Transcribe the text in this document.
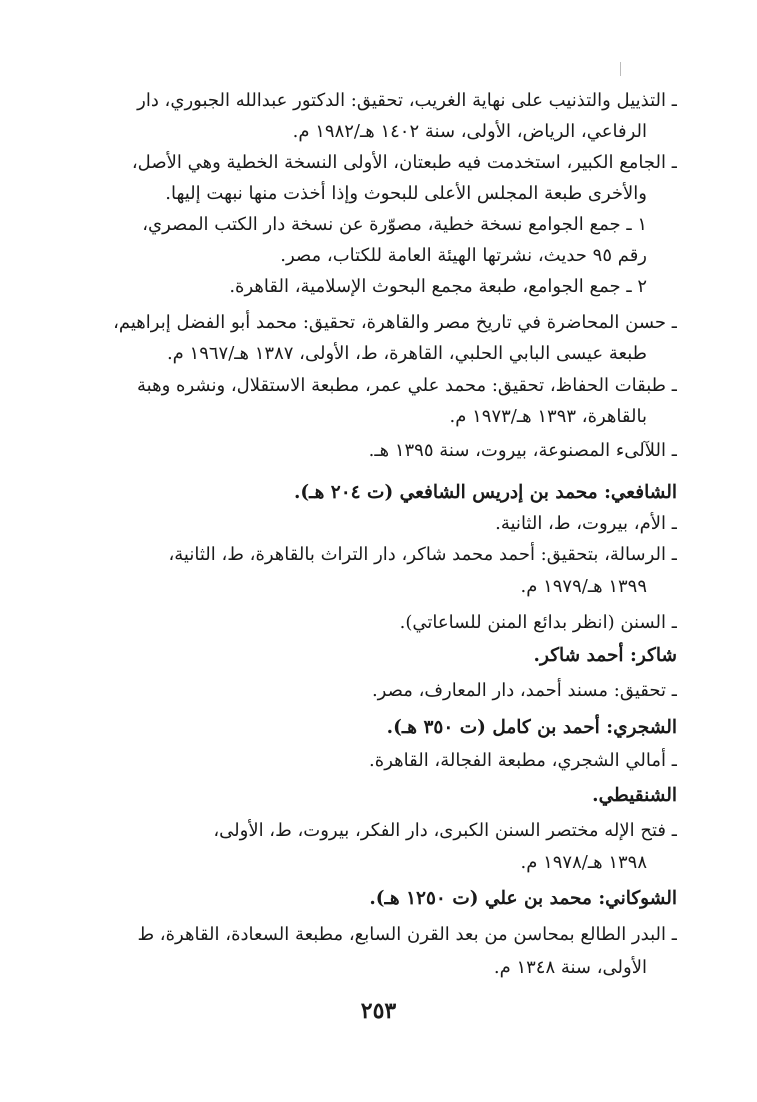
ـ التذييل والتذنيب على نهاية الغريب، تحقيق: الدكتور عبدالله الجبوري، دار
الرفاعي، الرياض، الأولى، سنة ١٤٠٢ هـ/١٩٨٢ م.
ـ الجامع الكبير، استخدمت فيه طبعتان، الأولى النسخة الخطية وهي الأصل،
والأخرى طبعة المجلس الأعلى للبحوث وإذا أخذت منها نبهت إليها.
١ ـ جمع الجوامع نسخة خطية، مصوّرة عن نسخة دار الكتب المصري،
رقم ٩٥ حديث، نشرتها الهيئة العامة للكتاب، مصر.
٢ ـ جمع الجوامع، طبعة مجمع البحوث الإسلامية، القاهرة.
ـ حسن المحاضرة في تاريخ مصر والقاهرة، تحقيق: محمد أبو الفضل إبراهيم،
طبعة عيسى البابي الحلبي، القاهرة، ط، الأولى، ١٣٨٧ هـ/١٩٦٧ م.
ـ طبقات الحفاظ، تحقيق: محمد علي عمر، مطبعة الاستقلال، ونشره وهبة
بالقاهرة، ١٣٩٣ هـ/١٩٧٣ م.
ـ اللآلىء المصنوعة، بيروت، سنة ١٣٩٥ هـ.
الشافعي: محمد بن إدريس الشافعي (ت ٢٠٤ هـ).
ـ الأم، بيروت، ط، الثانية.
ـ الرسالة، بتحقيق: أحمد محمد شاكر، دار التراث بالقاهرة، ط، الثانية،
١٣٩٩ هـ/١٩٧٩ م.
ـ السنن (انظر بدائع المنن للساعاتي).
شاكر: أحمد شاكر.
ـ تحقيق: مسند أحمد، دار المعارف، مصر.
الشجري: أحمد بن كامل (ت ٣٥٠ هـ).
ـ أمالي الشجري، مطبعة الفجالة، القاهرة.
الشنقيطي.
ـ فتح الإله مختصر السنن الكبرى، دار الفكر، بيروت، ط، الأولى،
١٣٩٨ هـ/١٩٧٨ م.
الشوكاني: محمد بن علي (ت ١٢٥٠ هـ).
ـ البدر الطالع بمحاسن من بعد القرن السابع، مطبعة السعادة، القاهرة، ط
الأولى، سنة ١٣٤٨ م.
٢٥٣
